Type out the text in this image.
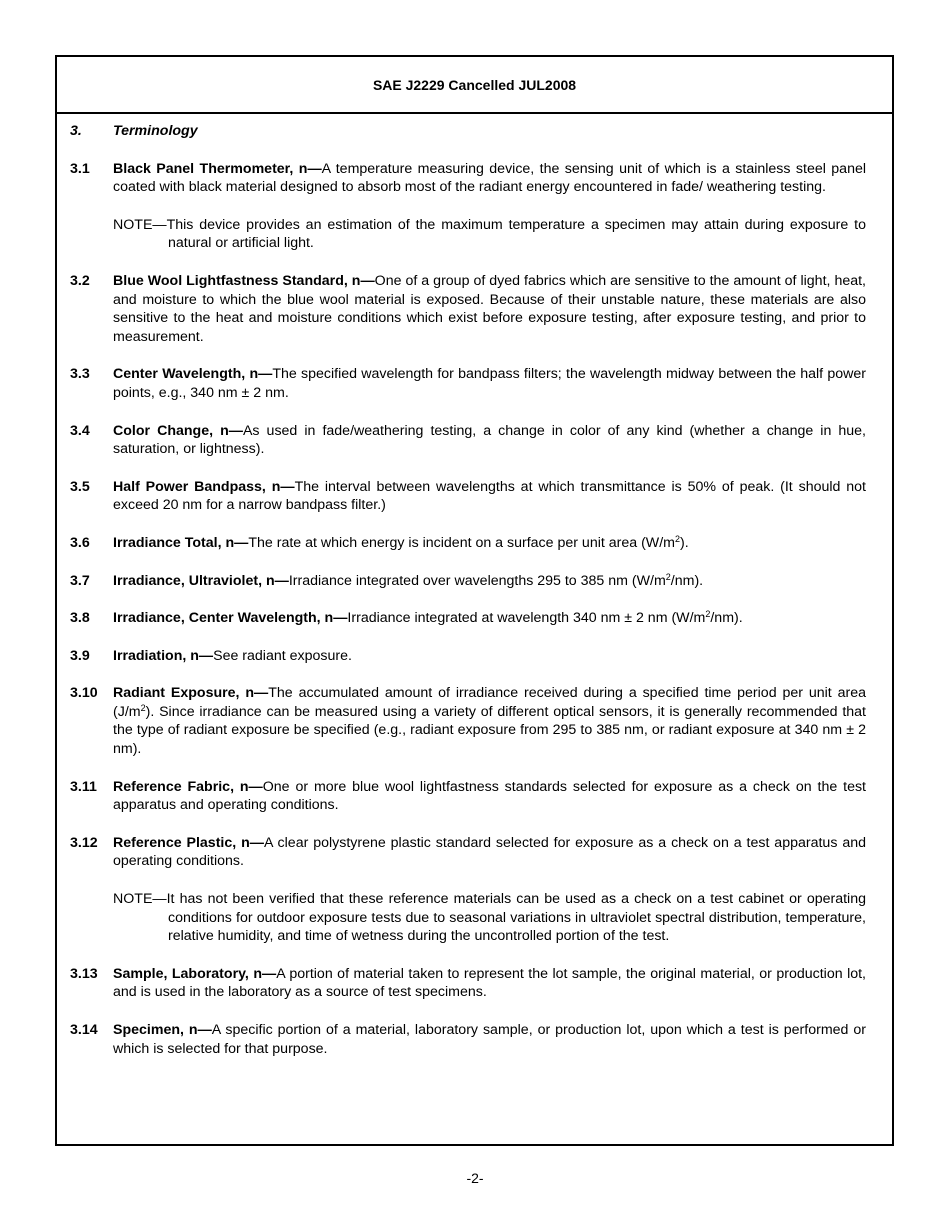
SAE J2229 Cancelled JUL2008
3.	Terminology
3.1	Black Panel Thermometer, n—A temperature measuring device, the sensing unit of which is a stainless steel panel coated with black material designed to absorb most of the radiant energy encountered in fade/ weathering testing.
NOTE—This device provides an estimation of the maximum temperature a specimen may attain during exposure to natural or artificial light.
3.2	Blue Wool Lightfastness Standard, n—One of a group of dyed fabrics which are sensitive to the amount of light, heat, and moisture to which the blue wool material is exposed. Because of their unstable nature, these materials are also sensitive to the heat and moisture conditions which exist before exposure testing, after exposure testing, and prior to measurement.
3.3	Center Wavelength, n—The specified wavelength for bandpass filters; the wavelength midway between the half power points, e.g., 340 nm ± 2 nm.
3.4	Color Change, n—As used in fade/weathering testing, a change in color of any kind (whether a change in hue, saturation, or lightness).
3.5	Half Power Bandpass, n—The interval between wavelengths at which transmittance is 50% of peak. (It should not exceed 20 nm for a narrow bandpass filter.)
3.6	Irradiance Total, n—The rate at which energy is incident on a surface per unit area $(W/m^2)$.
3.7	Irradiance, Ultraviolet, n—Irradiance integrated over wavelengths 295 to 385 nm $(W/m^2/nm)$.
3.8	Irradiance, Center Wavelength, n—Irradiance integrated at wavelength 340 nm ± 2 nm $(W/m^2/nm)$.
3.9	Irradiation, n—See radiant exposure.
3.10	Radiant Exposure, n—The accumulated amount of irradiance received during a specified time period per unit area $(J/m^2)$. Since irradiance can be measured using a variety of different optical sensors, it is generally recommended that the type of radiant exposure be specified (e.g., radiant exposure from 295 to 385 nm, or radiant exposure at 340 nm ± 2 nm).
3.11	Reference Fabric, n—One or more blue wool lightfastness standards selected for exposure as a check on the test apparatus and operating conditions.
3.12	Reference Plastic, n—A clear polystyrene plastic standard selected for exposure as a check on a test apparatus and operating conditions.
NOTE—It has not been verified that these reference materials can be used as a check on a test cabinet or operating conditions for outdoor exposure tests due to seasonal variations in ultraviolet spectral distribution, temperature, relative humidity, and time of wetness during the uncontrolled portion of the test.
3.13	Sample, Laboratory, n—A portion of material taken to represent the lot sample, the original material, or production lot, and is used in the laboratory as a source of test specimens.
3.14	Specimen, n—A specific portion of a material, laboratory sample, or production lot, upon which a test is performed or which is selected for that purpose.
-2-
